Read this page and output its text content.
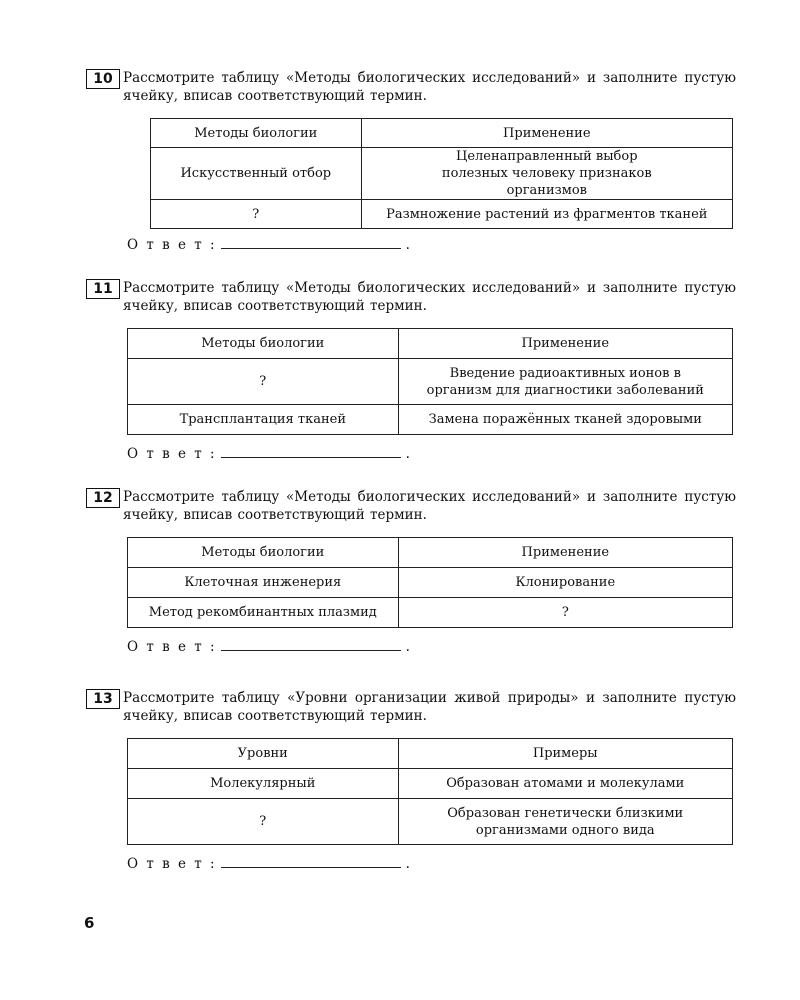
10 Рассмотрите таблицу «Методы биологических исследований» и заполните пустую ячейку, вписав соответствующий термин.
Методы биологии	Применение
Искусственный отбор	Целенаправленный выбор полезных человеку признаков организмов
?	Размножение растений из фрагментов тканей
О т в е т :	.
11 Рассмотрите таблицу «Методы биологических исследований» и заполните пустую ячейку, вписав соответствующий термин.
Методы биологии	Применение
?	Введение радиоактивных ионов в организм для диагностики заболеваний
Трансплантация тканей	Замена поражённых тканей здоровыми
О т в е т :	.
12 Рассмотрите таблицу «Методы биологических исследований» и заполните пустую ячейку, вписав соответствующий термин.
Методы биологии	Применение
Клеточная инженерия	Клонирование
Метод рекомбинантных плазмид	?
О т в е т :	.
13 Рассмотрите таблицу «Уровни организации живой природы» и заполните пустую ячейку, вписав соответствующий термин.
Уровни	Примеры
Молекулярный	Образован атомами и молекулами
?	Образован генетически близкими организмами одного вида
О т в е т :	.
6
